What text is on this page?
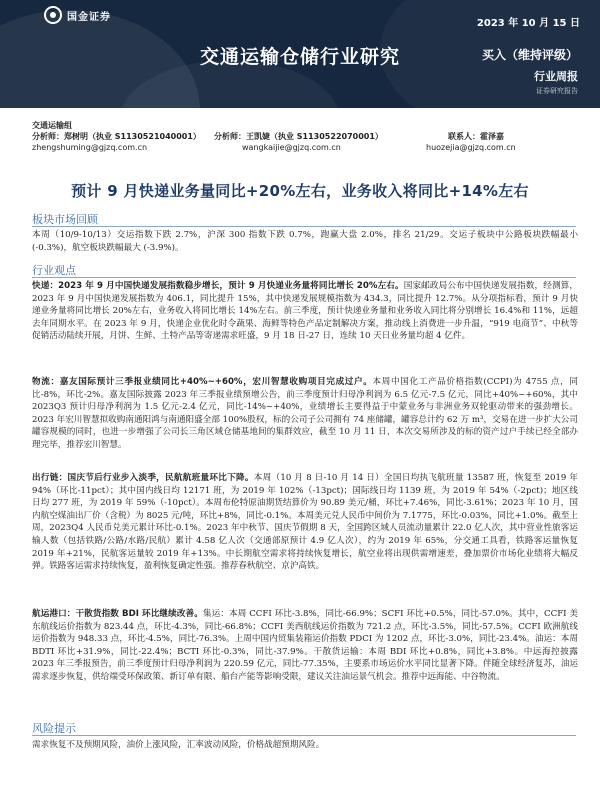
国金证券
2023 年 10 月 15 日
交通运输仓储行业研究	买入（维持评级）
行业周报
证券研究报告
交通运输组
分析师：郑树明（执业 S1130521040001）	分析师：王凯婕（执业 S1130522070001）	联系人：霍泽嘉
zhengshuming@gjzq.com.cn	wangkaijie@gjzq.com.cn	huozejia@gjzq.com.cn
预计 9 月快递业务量同比+20%左右，业务收入将同比+14%左右
板块市场回顾
本周（10/9-10/13）交运指数下跌 2.7%，沪深 300 指数下跌 0.7%，跑赢大盘 2.0%，排名 21/29。交运子板块中公路板块跌幅最小(-0.3%)，航空板块跌幅最大 (-3.9%)。
行业观点
快递：2023 年 9 月中国快递发展指数稳步增长，预计 9 月快递业务量将同比增长 20%左右。国家邮政局公布中国快递发展指数，经测算，2023 年 9 月中国快递发展指数为 406.1，同比提升 15%，其中快递发展规模指数为 434.3，同比提升 12.7%。从分项指标看，预计 9 月快递业务量将同比增长 20%左右，业务收入将同比增长 14%左右。前三季度，预计快递业务量和业务收入同比将分别增长 16.4%和 11%，远超去年同期水平。在 2023 年 9 月，快递企业优化时令蔬果、海鲜等特色产品定制解决方案，推动线上消费进一步升温，“919 电商节”、中秋等促销活动陆续开展，月饼、生鲜、土特产品等寄递需求旺盛，9 月 18 日-27 日，连续 10 天日业务量均超 4 亿件。
物流：嘉友国际预计三季报业绩同比+40%~+60%，宏川智慧收购项目完成过户。本周中国化工产品价格指数(CCPI)为 4755 点，同比-8%，环比-2%。嘉友国际披露 2023 年三季报业绩预增公告，前三季度预计归母净利润为 6.5 亿元-7.5 亿元，同比+40%~+60%，其中 2023Q3 预计归母净利润为 1.5 亿元-2.4 亿元，同比-14%~+40%，业绩增长主要得益于中蒙业务与非洲业务双轮驱动带来的强劲增长。2023 年宏川智慧拟收购南通阳鸿与南通阳盛全部 100%股权，标的公司子公司拥有 74 座储罐，罐容总计约 62 万 m³，交易在进一步扩大公司罐容规模的同时，也进一步增强了公司长三角区域仓储基地间的集群效应，截至 10 月 11 日，本次交易所涉及的标的资产过户手续已经全部办理完毕，推荐宏川智慧。
出行链：国庆节后行业步入淡季，民航航班量环比下降。本周（10 月 8 日-10 月 14 日）全国日均执飞航班量 13587 班，恢复至 2019 年 94%（环比-11pct）；其中国内线日均 12171 班，为 2019 年 102%（-13pct)；国际线日均 1139 班，为 2019 年 54%（-2pct)；地区线日均 277 班，为 2019 年 59%（-10pct）。本周布伦特原油期货结算价为 90.89 美元/桶，环比+7.46%，同比-3.61%；2023 年 10 月，国内航空煤油出厂价（含税）为 8025 元/吨，环比+8%，同比-0.1%。本周美元兑人民币中间价为 7.1775，环比-0.03%，同比+1.0%。截至上周，2023Q4 人民币兑美元累计环比-0.1%。2023 年中秋节、国庆节假期 8 天，全国跨区域人员流动量累计 22.0 亿人次，其中营业性旅客运输人数（包括铁路/公路/水路/民航）累计 4.58 亿人次（交通部原预计 4.9 亿人次），约为 2019 年 65%，分交通工具看，铁路客运量恢复 2019 年+21%，民航客运量较 2019 年+13%。中长期航空需求将持续恢复增长，航空业将出现供需增速差，叠加票价市场化业绩将大幅反弹。铁路客运需求持续恢复，盈利恢复确定性强。推荐春秋航空、京沪高铁。
航运港口：干散货指数 BDI 环比继续改善。集运：本周 CCFI 环比-3.8%，同比-66.9%；SCFI 环比+0.5%，同比-57.0%。其中，CCFI 美东航线运价指数为 823.44 点，环比-4.3%，同比-66.8%；CCFI 美西航线运价指数为 721.2 点，环比-3.5%，同比-57.5%。CCFI 欧洲航线运价指数为 948.33 点，环比-4.5%，同比-76.3%。上周中国内贸集装箱运价指数 PDCI 为 1202 点，环比-3.0%，同比-23.4%。油运：本周 BDTI 环比+31.9%，同比-22.4%；BCTI 环比-0.3%，同比-37.9%。干散货运输：本周 BDI 环比+0.8%，同比+3.8%。中远海控披露 2023 年三季报预告，前三季度预计归母净利润为 220.59 亿元，同比-77.35%，主要系市场运价水平同比显著下降。伴随全球经济复苏，油运需求逐步恢复，供给端受环保政策、新订单有限、船台产能等影响受限，建议关注油运景气机会。推荐中远海能、中谷物流。
风险提示
需求恢复不及预期风险，油价上涨风险，汇率波动风险，价格战超预期风险。
